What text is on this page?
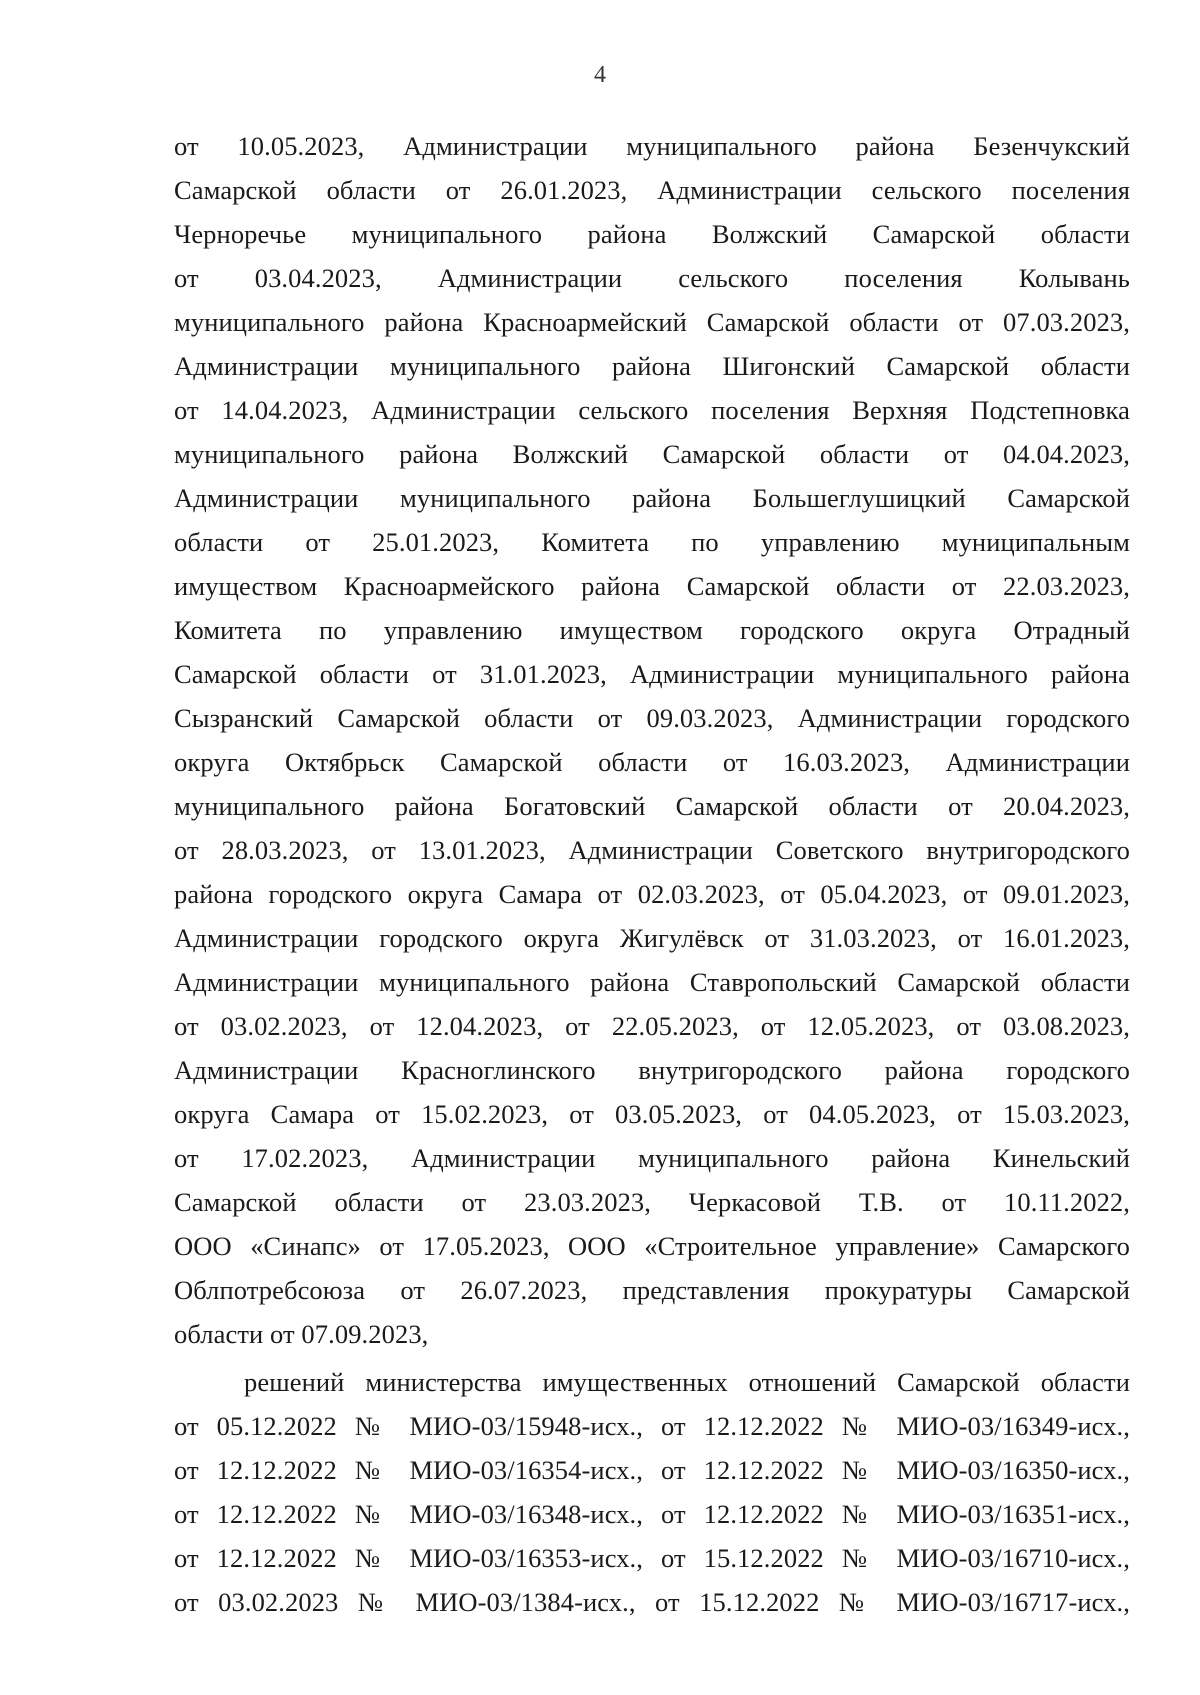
4
от 10.05.2023, Администрации муниципального района Безенчукский
Самарской области от 26.01.2023, Администрации сельского поселения
Черноречье муниципального района Волжский Самарской области
от 03.04.2023, Администрации сельского поселения Колывань
муниципального района Красноармейский Самарской области от 07.03.2023,
Администрации муниципального района Шигонский Самарской области
от 14.04.2023, Администрации сельского поселения Верхняя Подстепновка
муниципального района Волжский Самарской области от 04.04.2023,
Администрации муниципального района Большеглушицкий Самарской
области от 25.01.2023, Комитета по управлению муниципальным
имуществом Красноармейского района Самарской области от 22.03.2023,
Комитета по управлению имуществом городского округа Отрадный
Самарской области от 31.01.2023, Администрации муниципального района
Сызранский Самарской области от 09.03.2023, Администрации городского
округа Октябрьск Самарской области от 16.03.2023, Администрации
муниципального района Богатовский Самарской области от 20.04.2023,
от 28.03.2023, от 13.01.2023, Администрации Советского внутригородского
района городского округа Самара от 02.03.2023, от 05.04.2023, от 09.01.2023,
Администрации городского округа Жигулёвск от 31.03.2023, от 16.01.2023,
Администрации муниципального района Ставропольский Самарской области
от 03.02.2023, от 12.04.2023, от 22.05.2023, от 12.05.2023, от 03.08.2023,
Администрации Красноглинского внутригородского района городского
округа Самара от 15.02.2023, от 03.05.2023, от 04.05.2023, от 15.03.2023,
от 17.02.2023, Администрации муниципального района Кинельский
Самарской области от 23.03.2023, Черкасовой Т.В. от 10.11.2022,
ООО «Синапс» от 17.05.2023, ООО «Строительное управление» Самарского
Облпотребсоюза от 26.07.2023, представления прокуратуры Самарской
области от 07.09.2023,
решений министерства имущественных отношений Самарской области
от 05.12.2022 № МИО-03/15948-исх., от 12.12.2022 № МИО-03/16349-исх.,
от 12.12.2022 № МИО-03/16354-исх., от 12.12.2022 № МИО-03/16350-исх.,
от 12.12.2022 № МИО-03/16348-исх., от 12.12.2022 № МИО-03/16351-исх.,
от 12.12.2022 № МИО-03/16353-исх., от 15.12.2022 № МИО-03/16710-исх.,
от 03.02.2023 № МИО-03/1384-исх., от 15.12.2022 № МИО-03/16717-исх.,
